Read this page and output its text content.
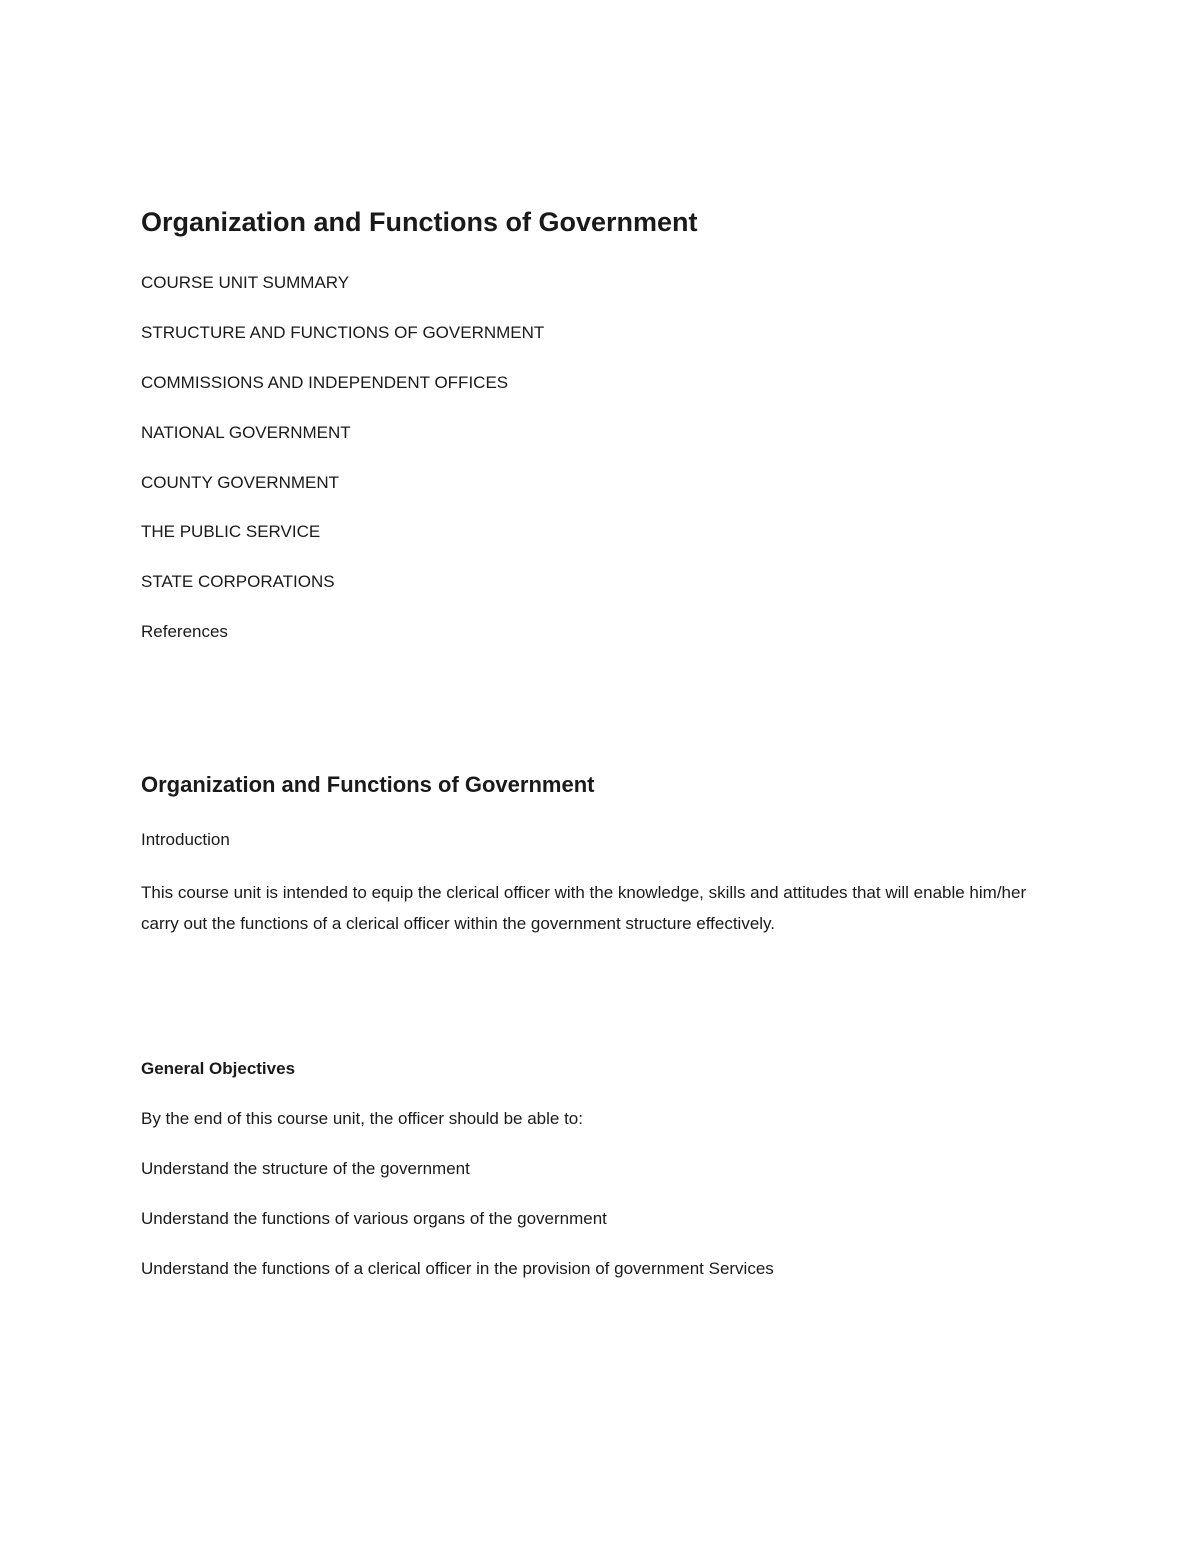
Organization and Functions of Government
COURSE UNIT SUMMARY
STRUCTURE AND FUNCTIONS OF GOVERNMENT
COMMISSIONS AND INDEPENDENT OFFICES
NATIONAL GOVERNMENT
COUNTY GOVERNMENT
THE PUBLIC SERVICE
STATE CORPORATIONS
References
Organization and Functions of Government

Introduction

This course unit is intended to equip the clerical officer with the knowledge, skills and attitudes that will enable him/her carry out the functions of a clerical officer within the government structure effectively.

General Objectives

By the end of this course unit, the officer should be able to:

Understand the structure of the government
Understand the functions of various organs of the government
Understand the functions of a clerical officer in the provision of government Services
